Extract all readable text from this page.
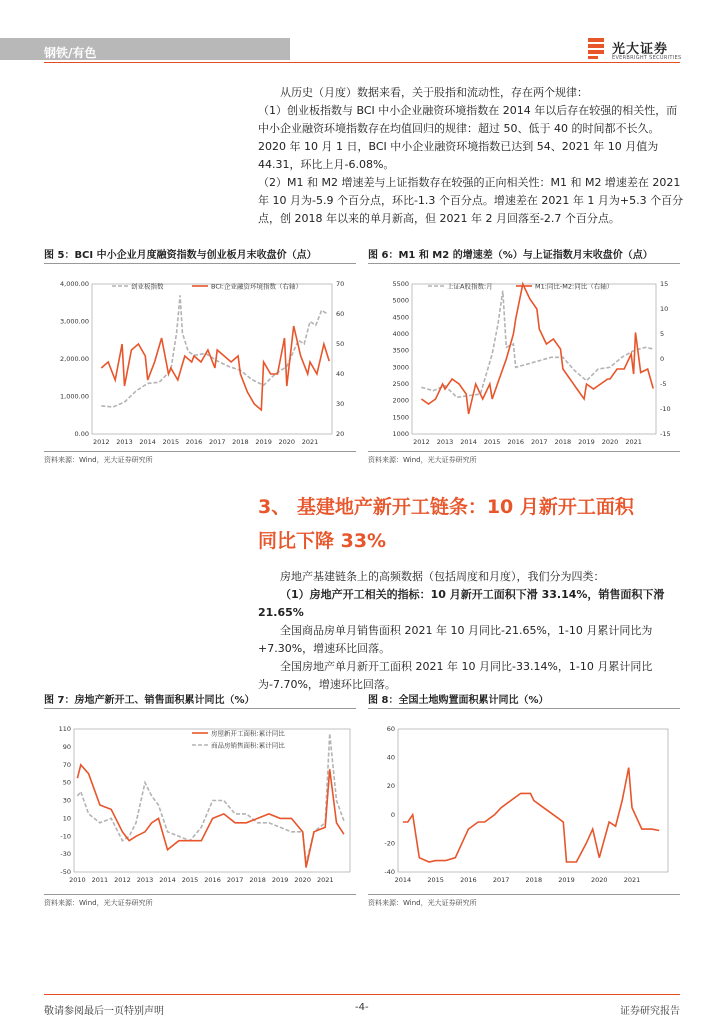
钢铁/有色	光大证券
EVERBRIGHT SECURITIES

从历史（月度）数据来看，关于股指和流动性，存在两个规律：

（1）创业板指数与 BCI 中小企业融资环境指数在 2014 年以后存在较强的相关性，而中小企业融资环境指数存在均值回归的规律：超过 50、低于 40 的时间都不长久。2020 年 10 月 1 日，BCI 中小企业融资环境指数已达到 54、2021 年 10 月值为 44.31，环比上月-6.08%。

（2）M1 和 M2 增速差与上证指数存在较强的正向相关性：M1 和 M2 增速差在 2021 年 10 月为-5.9 个百分点，环比-1.3 个百分点。增速差在 2021 年 1 月为+5.3 个百分点，创 2018 年以来的单月新高，但 2021 年 2 月回落至-2.7 个百分点。

图 5：BCI 中小企业月度融资指数与创业板月末收盘价（点）
4,000.00
3,000.00
2,000.00
1,000.00
0.00
70
60
50
40
30
20
2012 2013 2014 2015 2016 2017 2018 2019 2020 2021
创业板指数	BCI:企业融资环境指数（右轴）
资料来源：Wind，光大证券研究所
图 6：M1 和 M2 的增速差（%）与上证指数月末收盘价（点）
5500
5000
4500
4000
3500
3000
2500
2000
1500
1000
15
10
5
0
-5
-10
-15
2012 2013 2014 2015 2016 2017 2018 2019 2020 2021
上证A股指数:月	M1:同比-M2:同比（右轴）
资料来源：Wind，光大证券研究所
3、 基建地产新开工链条：10 月新开工面积
同比下降 33%

房地产基建链条上的高频数据（包括周度和月度），我们分为四类：

（1）房地产开工相关的指标：10 月新开工面积下滑 33.14%，销售面积下滑 21.65%

全国商品房单月销售面积 2021 年 10 月同比-21.65%，1-10 月累计同比为+7.30%，增速环比回落。

全国房地产单月新开工面积 2021 年 10 月同比-33.14%，1-10 月累计同比为-7.70%，增速环比回落。

图 7：房地产新开工、销售面积累计同比（%）
110
90
70
50
30
10
-10
-30
-50
2010 2011 2012 2013 2014 2015 2016 2017 2018 2019 2020 2021
房屋新开工面积:累计同比
商品房销售面积:累计同比
资料来源：Wind，光大证券研究所
图 8：全国土地购置面积累计同比（%）
60
40
20
0
-20
-40
2014 2015 2016 2017 2018 2019 2020 2021
资料来源：Wind，光大证券研究所
敬请参阅最后一页特别声明	-4-	证券研究报告
